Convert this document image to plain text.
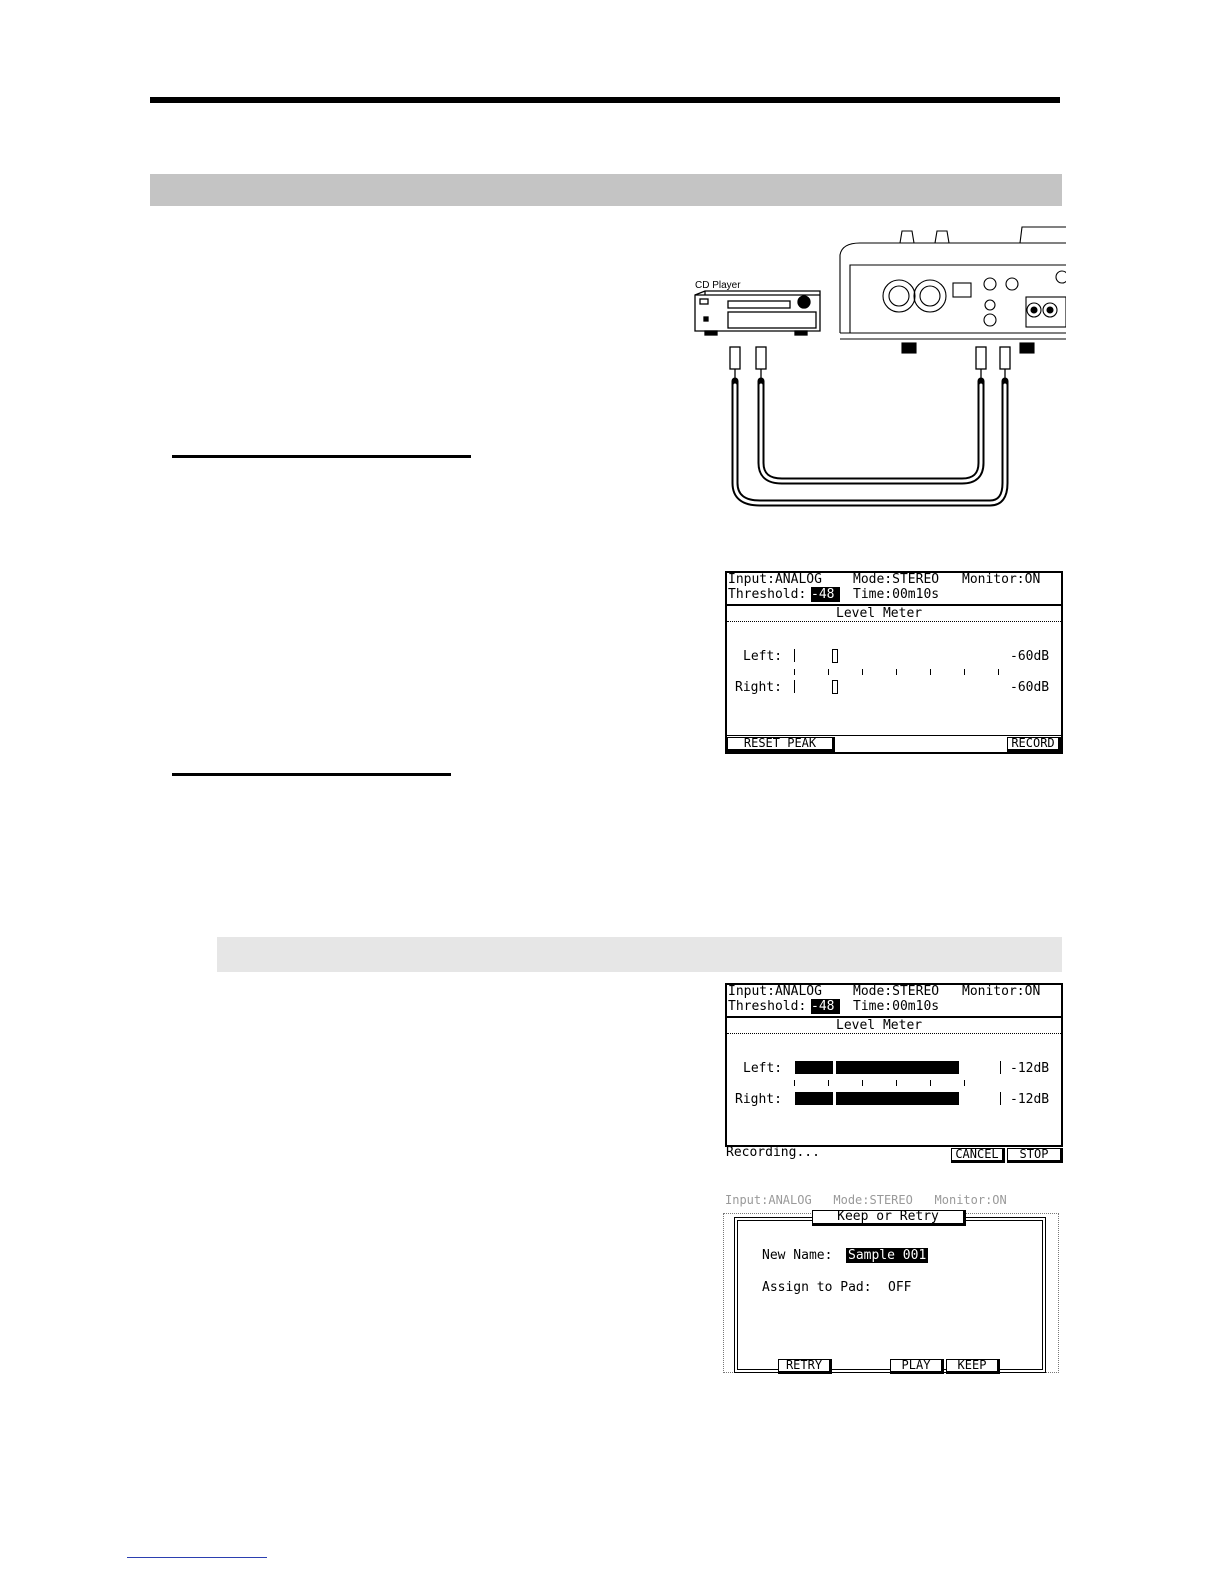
CD Player
Input:ANALOG Mode:STEREO Monitor:ON
Threshold: -48	Time:00m10s
Level Meter
Left:	-60dB
Right:	-60dB
RESET PEAK	RECORD
Input:ANALOG Mode:STEREO Monitor:ON
Threshold: -48	Time:00m10s
Level Meter
Left:	-12dB
Right:	-12dB
Recording...	CANCEL	STOP
Input:ANALOG   Mode:STEREO   Monitor:ON
Keep or Retry
New Name: Sample 001
Assign to Pad: OFF
RETRY	PLAY	KEEP
